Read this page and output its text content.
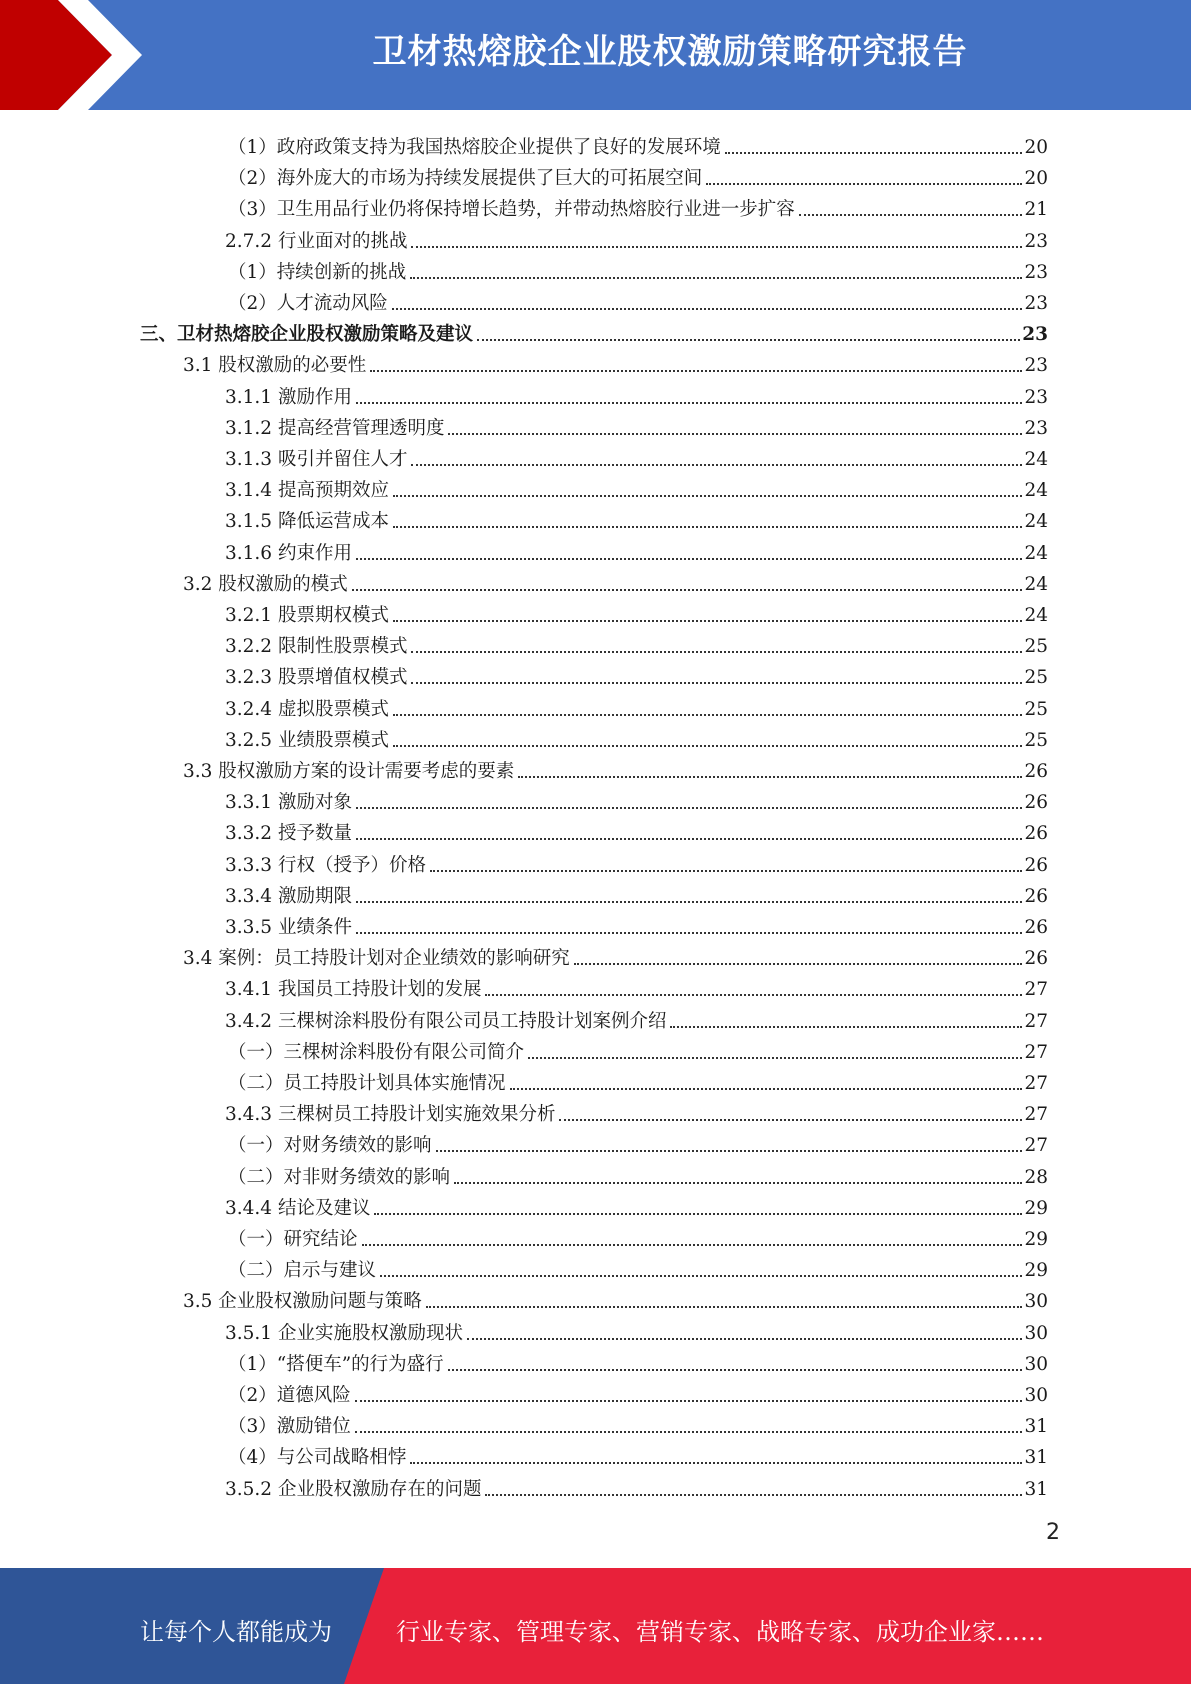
卫材热熔胶企业股权激励策略研究报告
（1）政府政策支持为我国热熔胶企业提供了良好的发展环境	20
（2）海外庞大的市场为持续发展提供了巨大的可拓展空间	20
（3）卫生用品行业仍将保持增长趋势，并带动热熔胶行业进一步扩容	21
2.7.2 行业面对的挑战	23
（1）持续创新的挑战	23
（2）人才流动风险	23
三、卫材热熔胶企业股权激励策略及建议	23
3.1 股权激励的必要性	23
3.1.1 激励作用	23
3.1.2 提高经营管理透明度	23
3.1.3 吸引并留住人才	24
3.1.4 提高预期效应	24
3.1.5 降低运营成本	24
3.1.6 约束作用	24
3.2 股权激励的模式	24
3.2.1 股票期权模式	24
3.2.2 限制性股票模式	25
3.2.3 股票增值权模式	25
3.2.4 虚拟股票模式	25
3.2.5 业绩股票模式	25
3.3 股权激励方案的设计需要考虑的要素	26
3.3.1 激励对象	26
3.3.2 授予数量	26
3.3.3 行权（授予）价格	26
3.3.4 激励期限	26
3.3.5 业绩条件	26
3.4 案例：员工持股计划对企业绩效的影响研究	26
3.4.1 我国员工持股计划的发展	27
3.4.2 三棵树涂料股份有限公司员工持股计划案例介绍	27
（一）三棵树涂料股份有限公司简介	27
（二）员工持股计划具体实施情况	27
3.4.3 三棵树员工持股计划实施效果分析	27
（一）对财务绩效的影响	27
（二）对非财务绩效的影响	28
3.4.4 结论及建议	29
（一）研究结论	29
（二）启示与建议	29
3.5 企业股权激励问题与策略	30
3.5.1 企业实施股权激励现状	30
（1）“搭便车”的行为盛行	30
（2）道德风险	30
（3）激励错位	31
（4）与公司战略相悖	31
3.5.2 企业股权激励存在的问题	31
2
让每个人都能成为	行业专家、管理专家、营销专家、战略专家、成功企业家……
